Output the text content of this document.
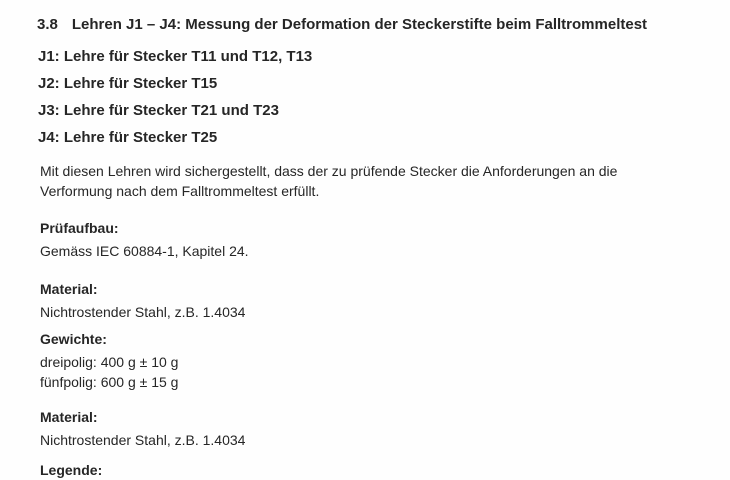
3.8 Lehren J1 – J4: Messung der Deformation der Steckerstifte beim Falltrommeltest
J1: Lehre für Stecker T11 und T12, T13
J2: Lehre für Stecker T15
J3: Lehre für Stecker T21 und T23
J4: Lehre für Stecker T25

Mit diesen Lehren wird sichergestellt, dass der zu prüfende Stecker die Anforderungen an die Verformung nach dem Falltrommeltest erfüllt.

Prüfaufbau:
Gemäss IEC 60884-1, Kapitel 24.
Material:
Nichtrostender Stahl, z.B. 1.4034
Gewichte:
dreipolig: 400 g ± 10 g
fünfpolig: 600 g ± 15 g
Material:
Nichtrostender Stahl, z.B. 1.4034
Legende:
